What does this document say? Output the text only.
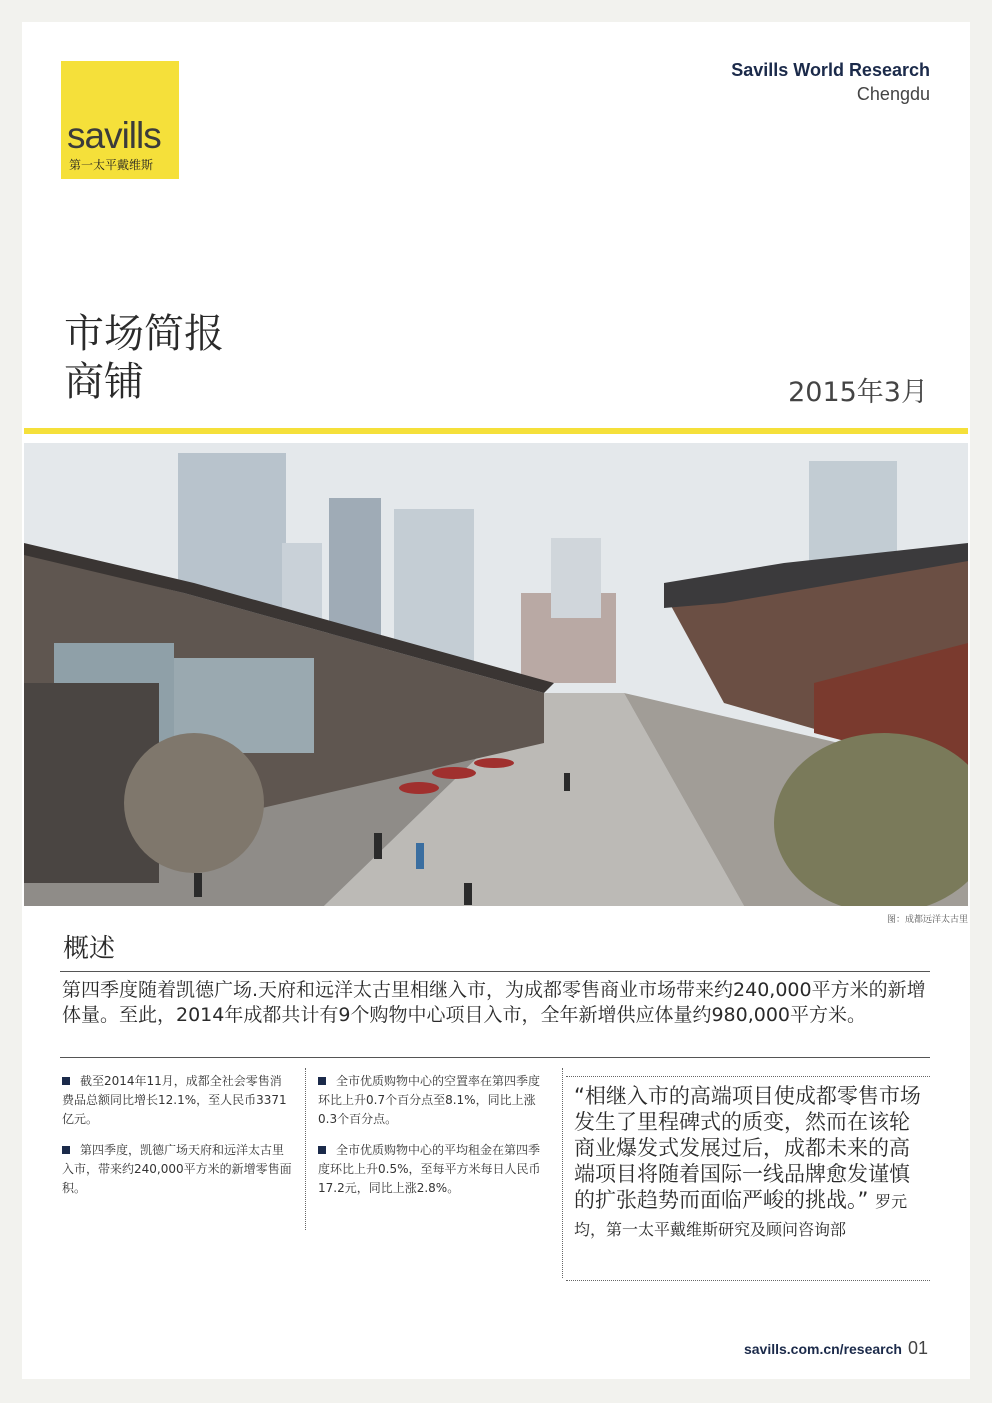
savills
第一太平戴维斯
Savills World Research
Chengdu
市场简报
商铺	2015年3月
图：成都远洋太古里
概述
第四季度随着凯德广场.天府和远洋太古里相继入市，为成都零售商业市场带来约240,000平方米的新增体量。至此，2014年成都共计有9个购物中心项目入市，全年新增供应体量约980,000平方米。

截至2014年11月，成都全社会零售消费品总额同比增长12.1%，至人民币3371亿元。

第四季度，凯德广场天府和远洋太古里入市，带来约240,000平方米的新增零售面积。

全市优质购物中心的空置率在第四季度环比上升0.7个百分点至8.1%，同比上涨0.3个百分点。

全市优质购物中心的平均租金在第四季度环比上升0.5%，至每平方米每日人民币17.2元，同比上涨2.8%。

“相继入市的高端项目使成都零售市场发生了里程碑式的质变，然而在该轮商业爆发式发展过后，成都未来的高端项目将随着国际一线品牌愈发谨慎的扩张趋势而面临严峻的挑战。” 罗元均，第一太平戴维斯研究及顾问咨询部
savills.com.cn/research 01
